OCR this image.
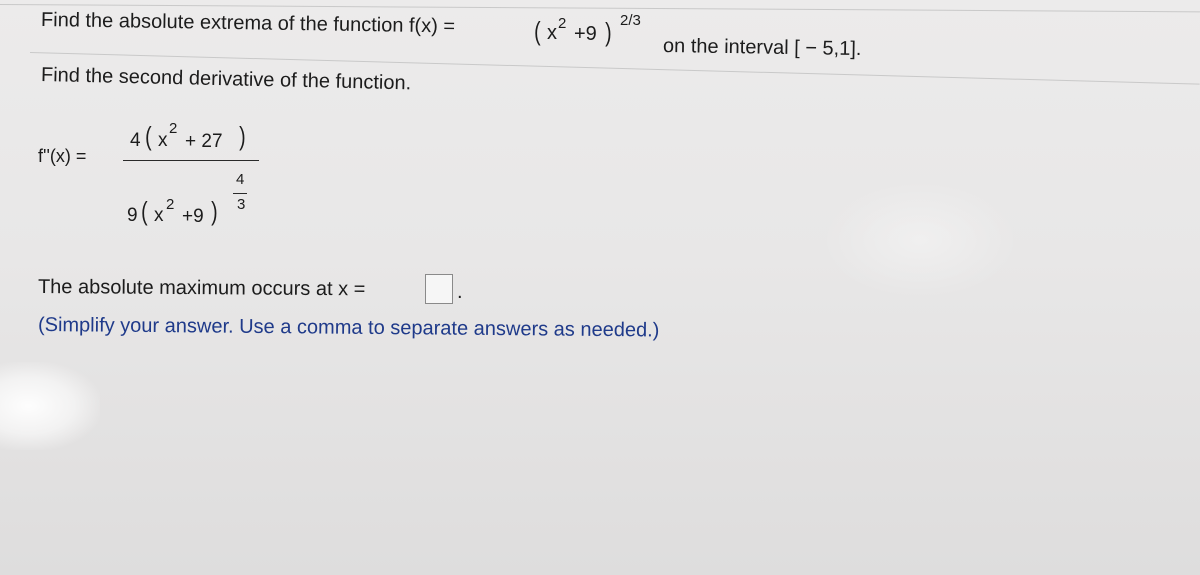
Find the absolute extrema of the function f(x) =	( x 2 +9 ) 2/3
on the interval [ − 5,1].
Find the second derivative of the function.
f''(x) =
4 ( x
2
+ 27 )
9 ( x
2
+9 )
4
3
The absolute maximum occurs at x =	.
(Simplify your answer. Use a comma to separate answers as needed.)
